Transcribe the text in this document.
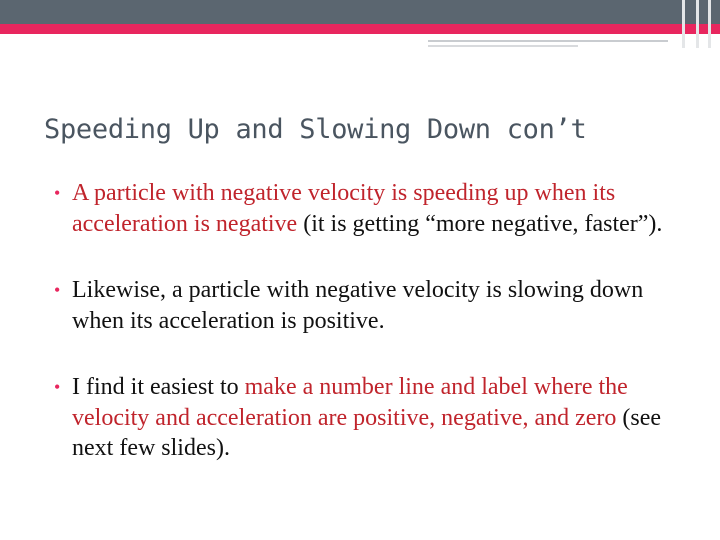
Speeding Up and Slowing Down con’t
• A particle with negative velocity is speeding up when its acceleration is negative (it is getting “more negative, faster”).
• Likewise, a particle with negative velocity is slowing down when its acceleration is positive.
• I find it easiest to make a number line and label where the velocity and acceleration are positive, negative, and zero (see next few slides).
